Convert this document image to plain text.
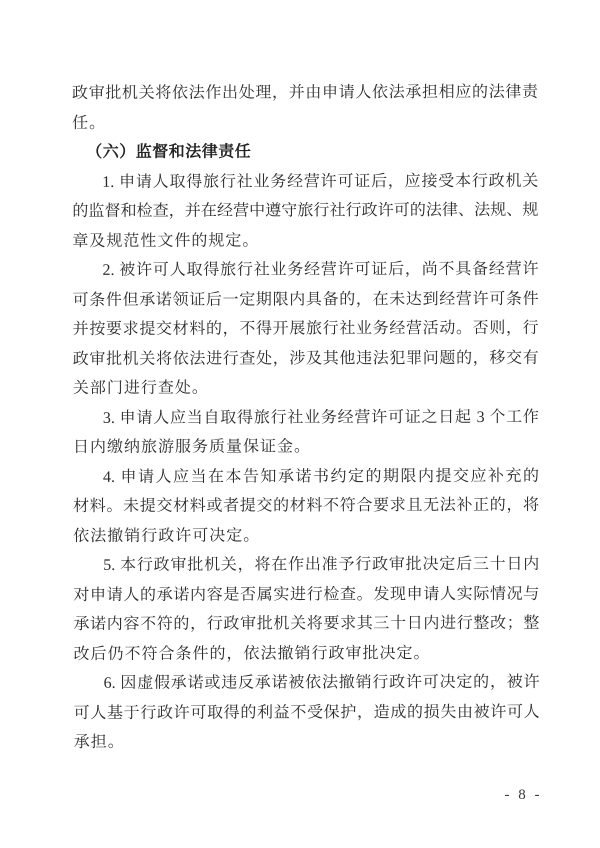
政审批机关将依法作出处理，并由申请人依法承担相应的法律责
任。
（六）监督和法律责任
1. 申请人取得旅行社业务经营许可证后，应接受本行政机关
的监督和检查，并在经营中遵守旅行社行政许可的法律、法规、规
章及规范性文件的规定。
2. 被许可人取得旅行社业务经营许可证后，尚不具备经营许
可条件但承诺领证后一定期限内具备的，在未达到经营许可条件
并按要求提交材料的，不得开展旅行社业务经营活动。否则，行
政审批机关将依法进行查处，涉及其他违法犯罪问题的，移交有
关部门进行查处。
3. 申请人应当自取得旅行社业务经营许可证之日起 3 个工作
日内缴纳旅游服务质量保证金。
4. 申请人应当在本告知承诺书约定的期限内提交应补充的
材料。未提交材料或者提交的材料不符合要求且无法补正的，将
依法撤销行政许可决定。
5. 本行政审批机关，将在作出准予行政审批决定后三十日内
对申请人的承诺内容是否属实进行检查。发现申请人实际情况与
承诺内容不符的，行政审批机关将要求其三十日内进行整改；整
改后仍不符合条件的，依法撤销行政审批决定。
6. 因虚假承诺或违反承诺被依法撤销行政许可决定的，被许
可人基于行政许可取得的利益不受保护，造成的损失由被许可人
承担。
- 8 -
